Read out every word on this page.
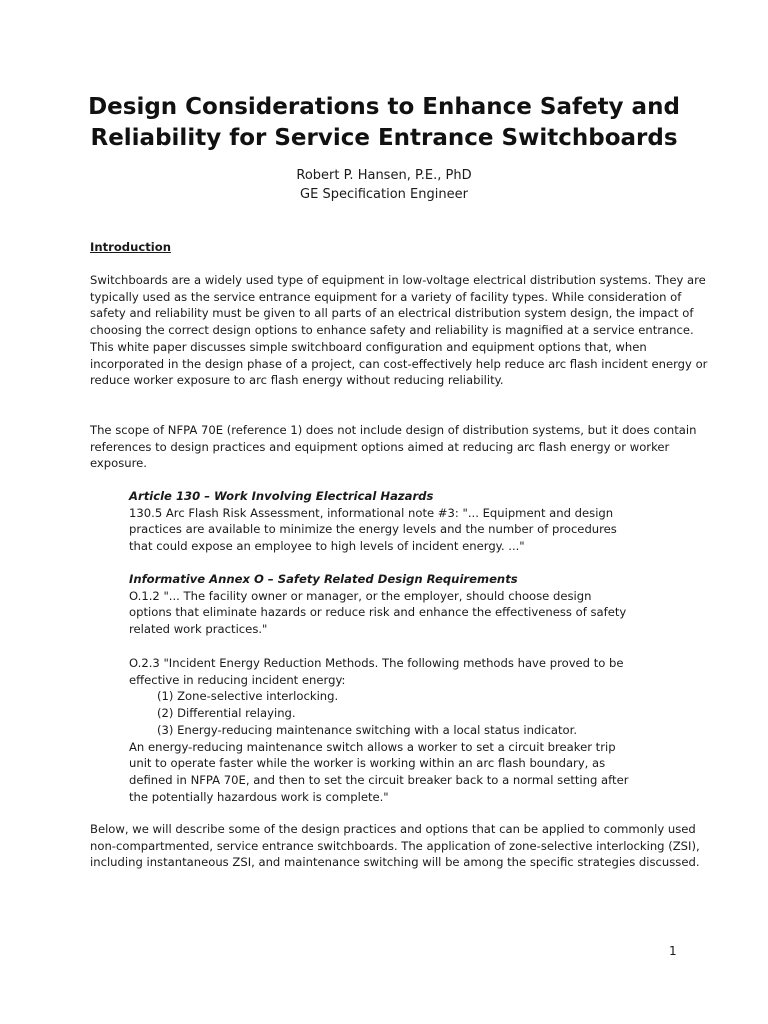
Design Considerations to Enhance Safety and Reliability for Service Entrance Switchboards
Robert P. Hansen, P.E., PhD
GE Specification Engineer
Introduction
Switchboards are a widely used type of equipment in low-voltage electrical distribution systems. They are typically used as the service entrance equipment for a variety of facility types. While consideration of safety and reliability must be given to all parts of an electrical distribution system design, the impact of choosing the correct design options to enhance safety and reliability is magnified at a service entrance. This white paper discusses simple switchboard configuration and equipment options that, when incorporated in the design phase of a project, can cost-effectively help reduce arc flash incident energy or reduce worker exposure to arc flash energy without reducing reliability.
The scope of NFPA 70E (reference 1) does not include design of distribution systems, but it does contain references to design practices and equipment options aimed at reducing arc flash energy or worker exposure.
Article 130 – Work Involving Electrical Hazards
130.5 Arc Flash Risk Assessment, informational note #3: "... Equipment and design practices are available to minimize the energy levels and the number of procedures that could expose an employee to high levels of incident energy. ..."
Informative Annex O – Safety Related Design Requirements
O.1.2 "... The facility owner or manager, or the employer, should choose design options that eliminate hazards or reduce risk and enhance the effectiveness of safety related work practices."
O.2.3 "Incident Energy Reduction Methods. The following methods have proved to be effective in reducing incident energy:
(1) Zone-selective interlocking.
(2) Differential relaying.
(3) Energy-reducing maintenance switching with a local status indicator.
An energy-reducing maintenance switch allows a worker to set a circuit breaker trip unit to operate faster while the worker is working within an arc flash boundary, as defined in NFPA 70E, and then to set the circuit breaker back to a normal setting after the potentially hazardous work is complete."
Below, we will describe some of the design practices and options that can be applied to commonly used non-compartmented, service entrance switchboards. The application of zone-selective interlocking (ZSI), including instantaneous ZSI, and maintenance switching will be among the specific strategies discussed.
1
